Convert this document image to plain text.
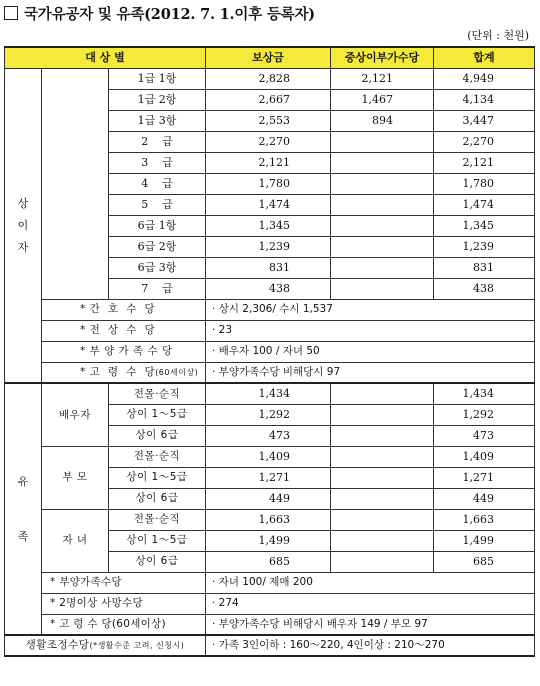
국가유공자 및 유족(2012. 7. 1.이후 등록자)
(단위 : 천원)
대 상 별			보상금	중상이부가수당	합계

상

이

자		1급 1항	2,828	2,121	4,949
		1급 2항	2,667	1,467	4,134
		1급 3항	2,553	894	3,447
		2    급	2,270		2,270
		3    급	2,121		2,121
		4    급	1,780		1,780
		5    급	1,474		1,474
		6급 1항	1,345		1,345
		6급 2항	1,239		1,239
		6급 3항	831		831
		7    급	438		438
	* 간  호  수  당		· 상시 2,306/ 수시 1,537		
	* 전  상  수  당		· 23		
	* 부 양 가 족 수 당		· 배우자 100 / 자녀 50		
	* 고  령  수  당(60세이상)		· 부양가족수당 비해당시 97		

유

족	배우자	전몰·순직	1,434		1,434
		상이 1～5급	1,292		1,292
		상이 6급	473		473
	부 모	전몰·순직	1,409		1,409
		상이 1～5급	1,271		1,271
		상이 6급	449		449
	자 녀	전몰·순직	1,663		1,663
		상이 1～5급	1,499		1,499
		상이 6급	685		685
	* 부양가족수당		· 자녀 100/ 제매 200		
	* 2명이상 사망수당		· 274		
	* 고 령 수 당(60세이상)		· 부양가족수당 비해당시 배우자 149 / 부모 97		
생활조정수당(*생활수준 고려, 신청시)			· 가족 3인이하 : 160～220, 4인이상 : 210～270		
